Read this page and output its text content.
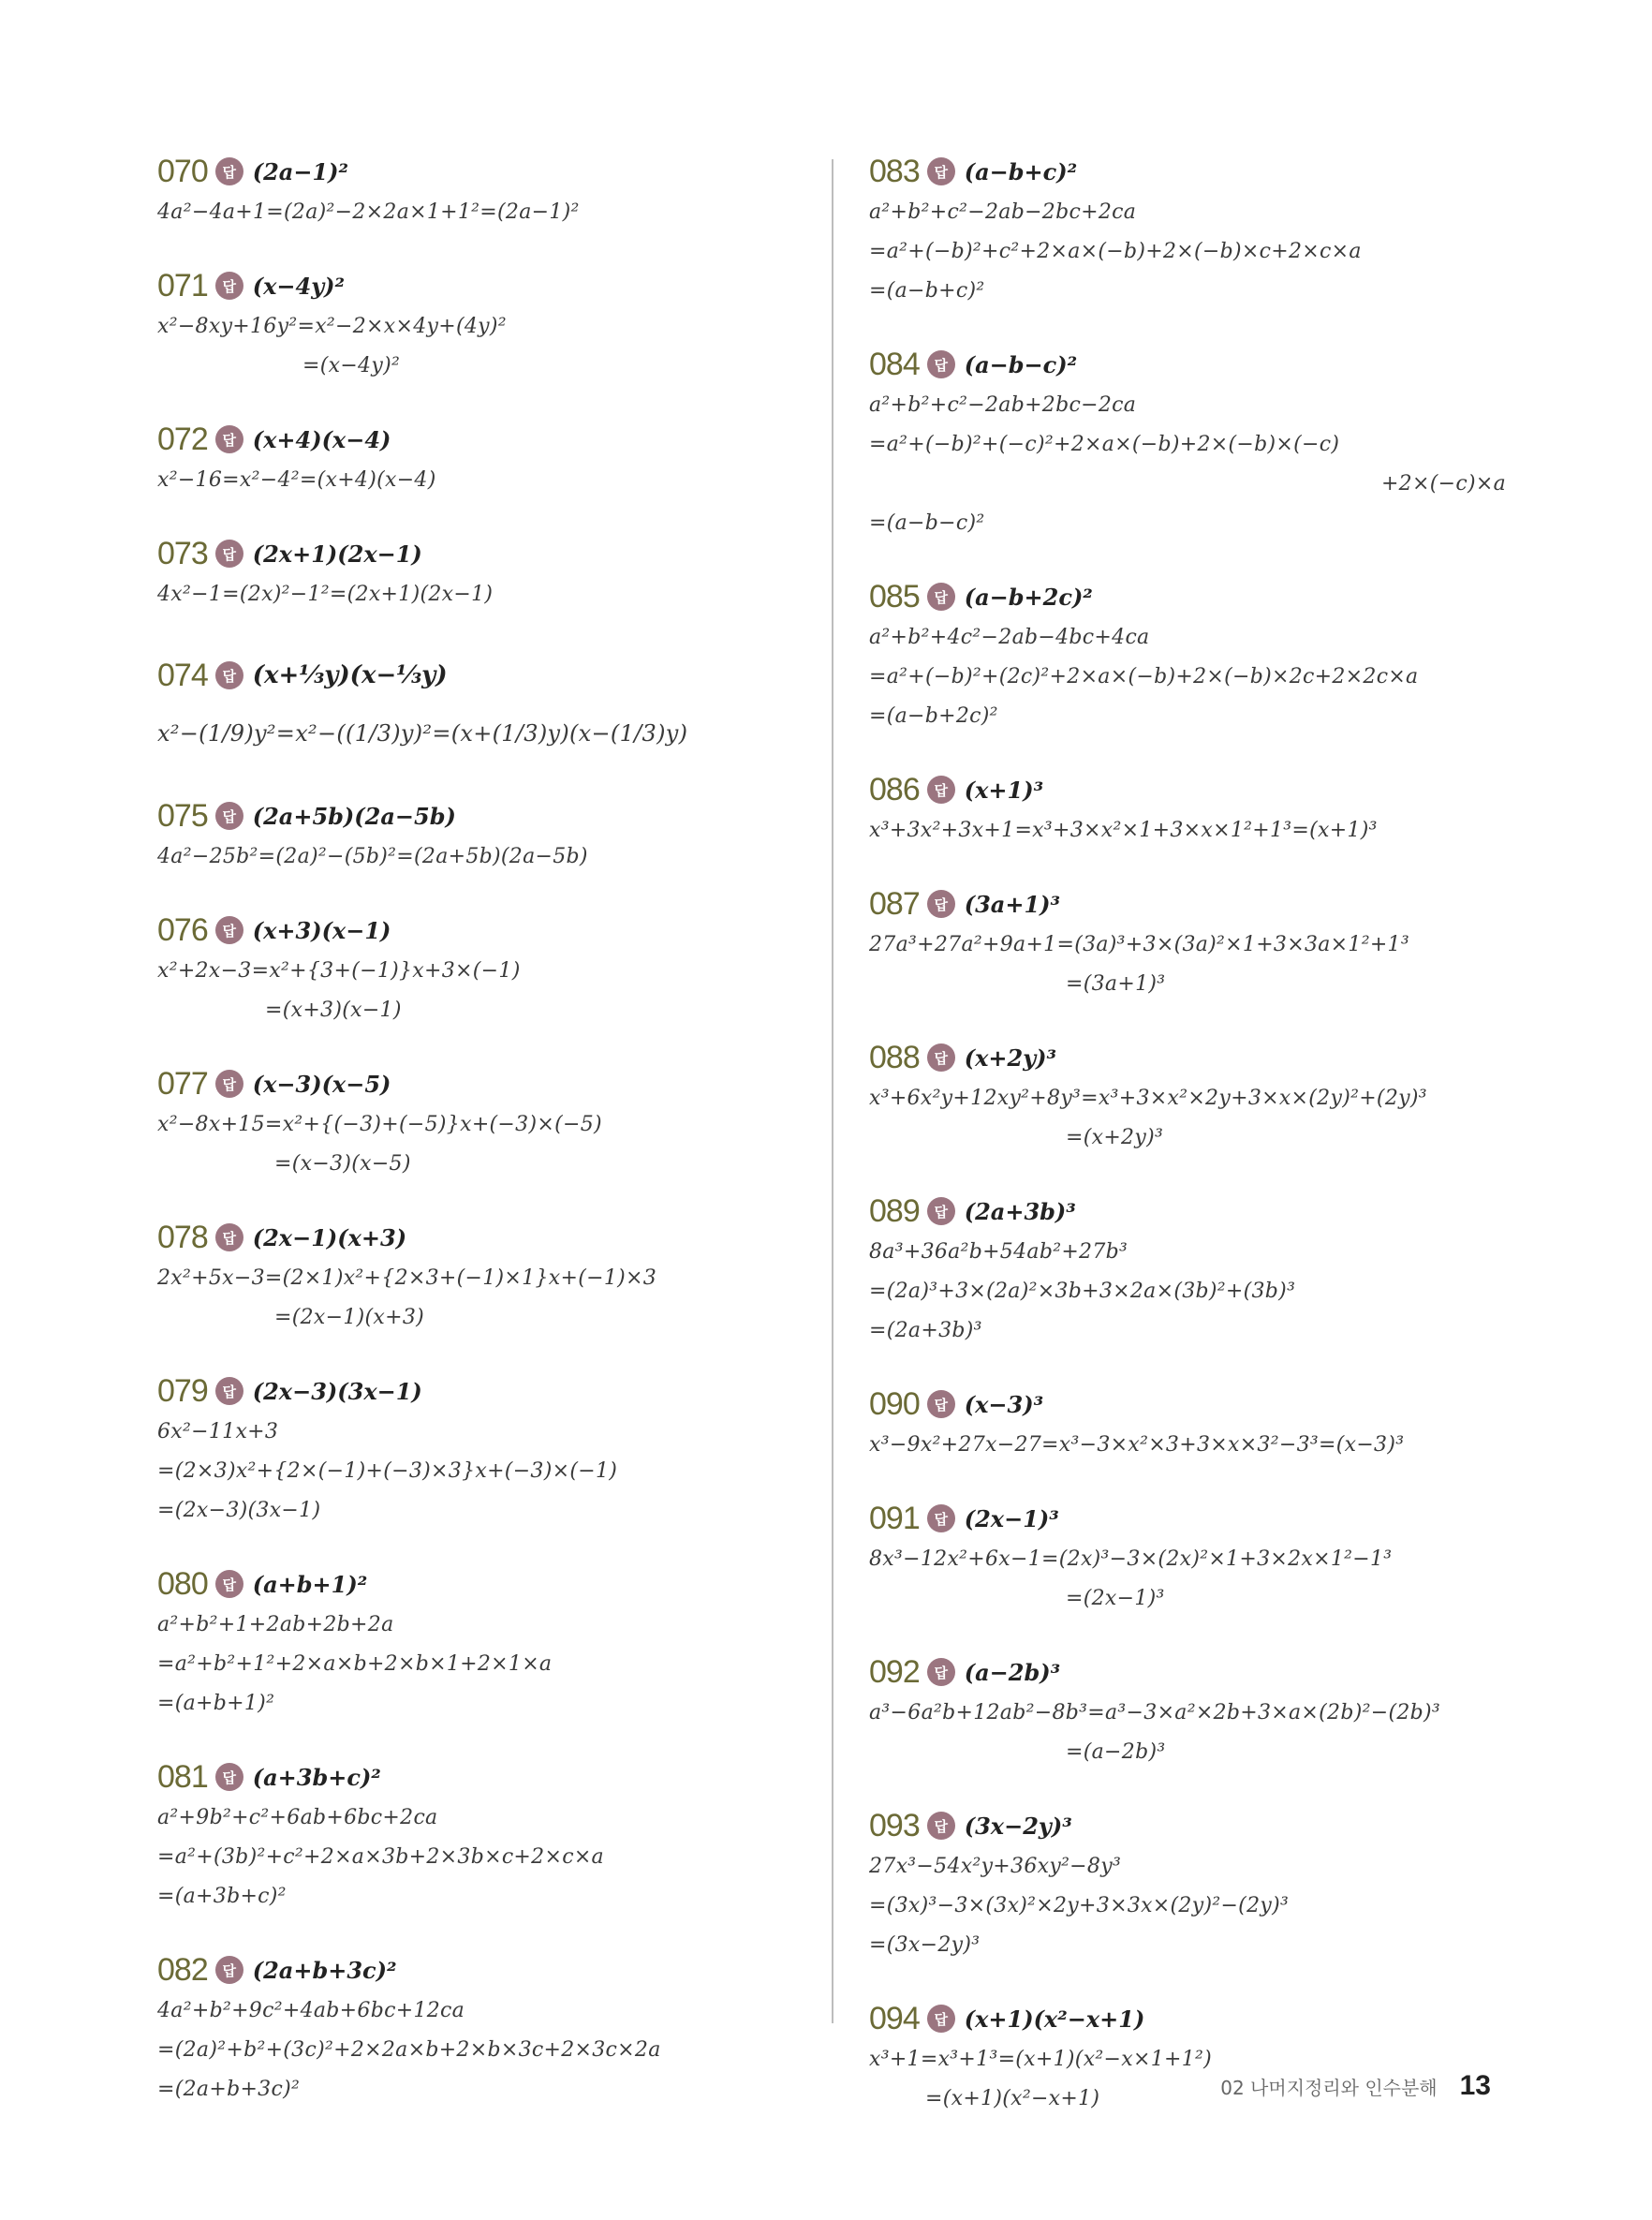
070	답 (2a−1)²
4a²−4a+1=(2a)²−2×2a×1+1²=(2a−1)²
071	답 (x−4y)²
x²−8xy+16y²=x²−2×x×4y+(4y)²
=(x−4y)²
072	답 (x+4)(x−4)
x²−16=x²−4²=(x+4)(x−4)
073	답 (2x+1)(2x−1)
4x²−1=(2x)²−1²=(2x+1)(2x−1)
074	답 (x+⅓y)(x−⅓y)
x²−(1/9)y²=x²−((1/3)y)²=(x+(1/3)y)(x−(1/3)y)
075	답 (2a+5b)(2a−5b)
4a²−25b²=(2a)²−(5b)²=(2a+5b)(2a−5b)
076	답 (x+3)(x−1)
x²+2x−3=x²+{3+(−1)}x+3×(−1)
=(x+3)(x−1)
077	답 (x−3)(x−5)
x²−8x+15=x²+{(−3)+(−5)}x+(−3)×(−5)
=(x−3)(x−5)
078	답 (2x−1)(x+3)
2x²+5x−3=(2×1)x²+{2×3+(−1)×1}x+(−1)×3
=(2x−1)(x+3)
079	답 (2x−3)(3x−1)
6x²−11x+3
=(2×3)x²+{2×(−1)+(−3)×3}x+(−3)×(−1)
=(2x−3)(3x−1)
080	답 (a+b+1)²
a²+b²+1+2ab+2b+2a
=a²+b²+1²+2×a×b+2×b×1+2×1×a
=(a+b+1)²
081	답 (a+3b+c)²
a²+9b²+c²+6ab+6bc+2ca
=a²+(3b)²+c²+2×a×3b+2×3b×c+2×c×a
=(a+3b+c)²
082	답 (2a+b+3c)²
4a²+b²+9c²+4ab+6bc+12ca
=(2a)²+b²+(3c)²+2×2a×b+2×b×3c+2×3c×2a
=(2a+b+3c)²
083	답 (a−b+c)²
a²+b²+c²−2ab−2bc+2ca
=a²+(−b)²+c²+2×a×(−b)+2×(−b)×c+2×c×a
=(a−b+c)²
084	답 (a−b−c)²
a²+b²+c²−2ab+2bc−2ca
=a²+(−b)²+(−c)²+2×a×(−b)+2×(−b)×(−c)
+2×(−c)×a
=(a−b−c)²
085	답 (a−b+2c)²
a²+b²+4c²−2ab−4bc+4ca
=a²+(−b)²+(2c)²+2×a×(−b)+2×(−b)×2c+2×2c×a
=(a−b+2c)²
086	답 (x+1)³
x³+3x²+3x+1=x³+3×x²×1+3×x×1²+1³=(x+1)³
087	답 (3a+1)³
27a³+27a²+9a+1=(3a)³+3×(3a)²×1+3×3a×1²+1³
=(3a+1)³
088	답 (x+2y)³
x³+6x²y+12xy²+8y³=x³+3×x²×2y+3×x×(2y)²+(2y)³
=(x+2y)³
089	답 (2a+3b)³
8a³+36a²b+54ab²+27b³
=(2a)³+3×(2a)²×3b+3×2a×(3b)²+(3b)³
=(2a+3b)³
090	답 (x−3)³
x³−9x²+27x−27=x³−3×x²×3+3×x×3²−3³=(x−3)³
091	답 (2x−1)³
8x³−12x²+6x−1=(2x)³−3×(2x)²×1+3×2x×1²−1³
=(2x−1)³
092	답 (a−2b)³
a³−6a²b+12ab²−8b³=a³−3×a²×2b+3×a×(2b)²−(2b)³
=(a−2b)³
093	답 (3x−2y)³
27x³−54x²y+36xy²−8y³
=(3x)³−3×(3x)²×2y+3×3x×(2y)²−(2y)³
=(3x−2y)³
094	답 (x+1)(x²−x+1)
x³+1=x³+1³=(x+1)(x²−x×1+1²)
=(x+1)(x²−x+1)	02 나머지정리와 인수분해 13
